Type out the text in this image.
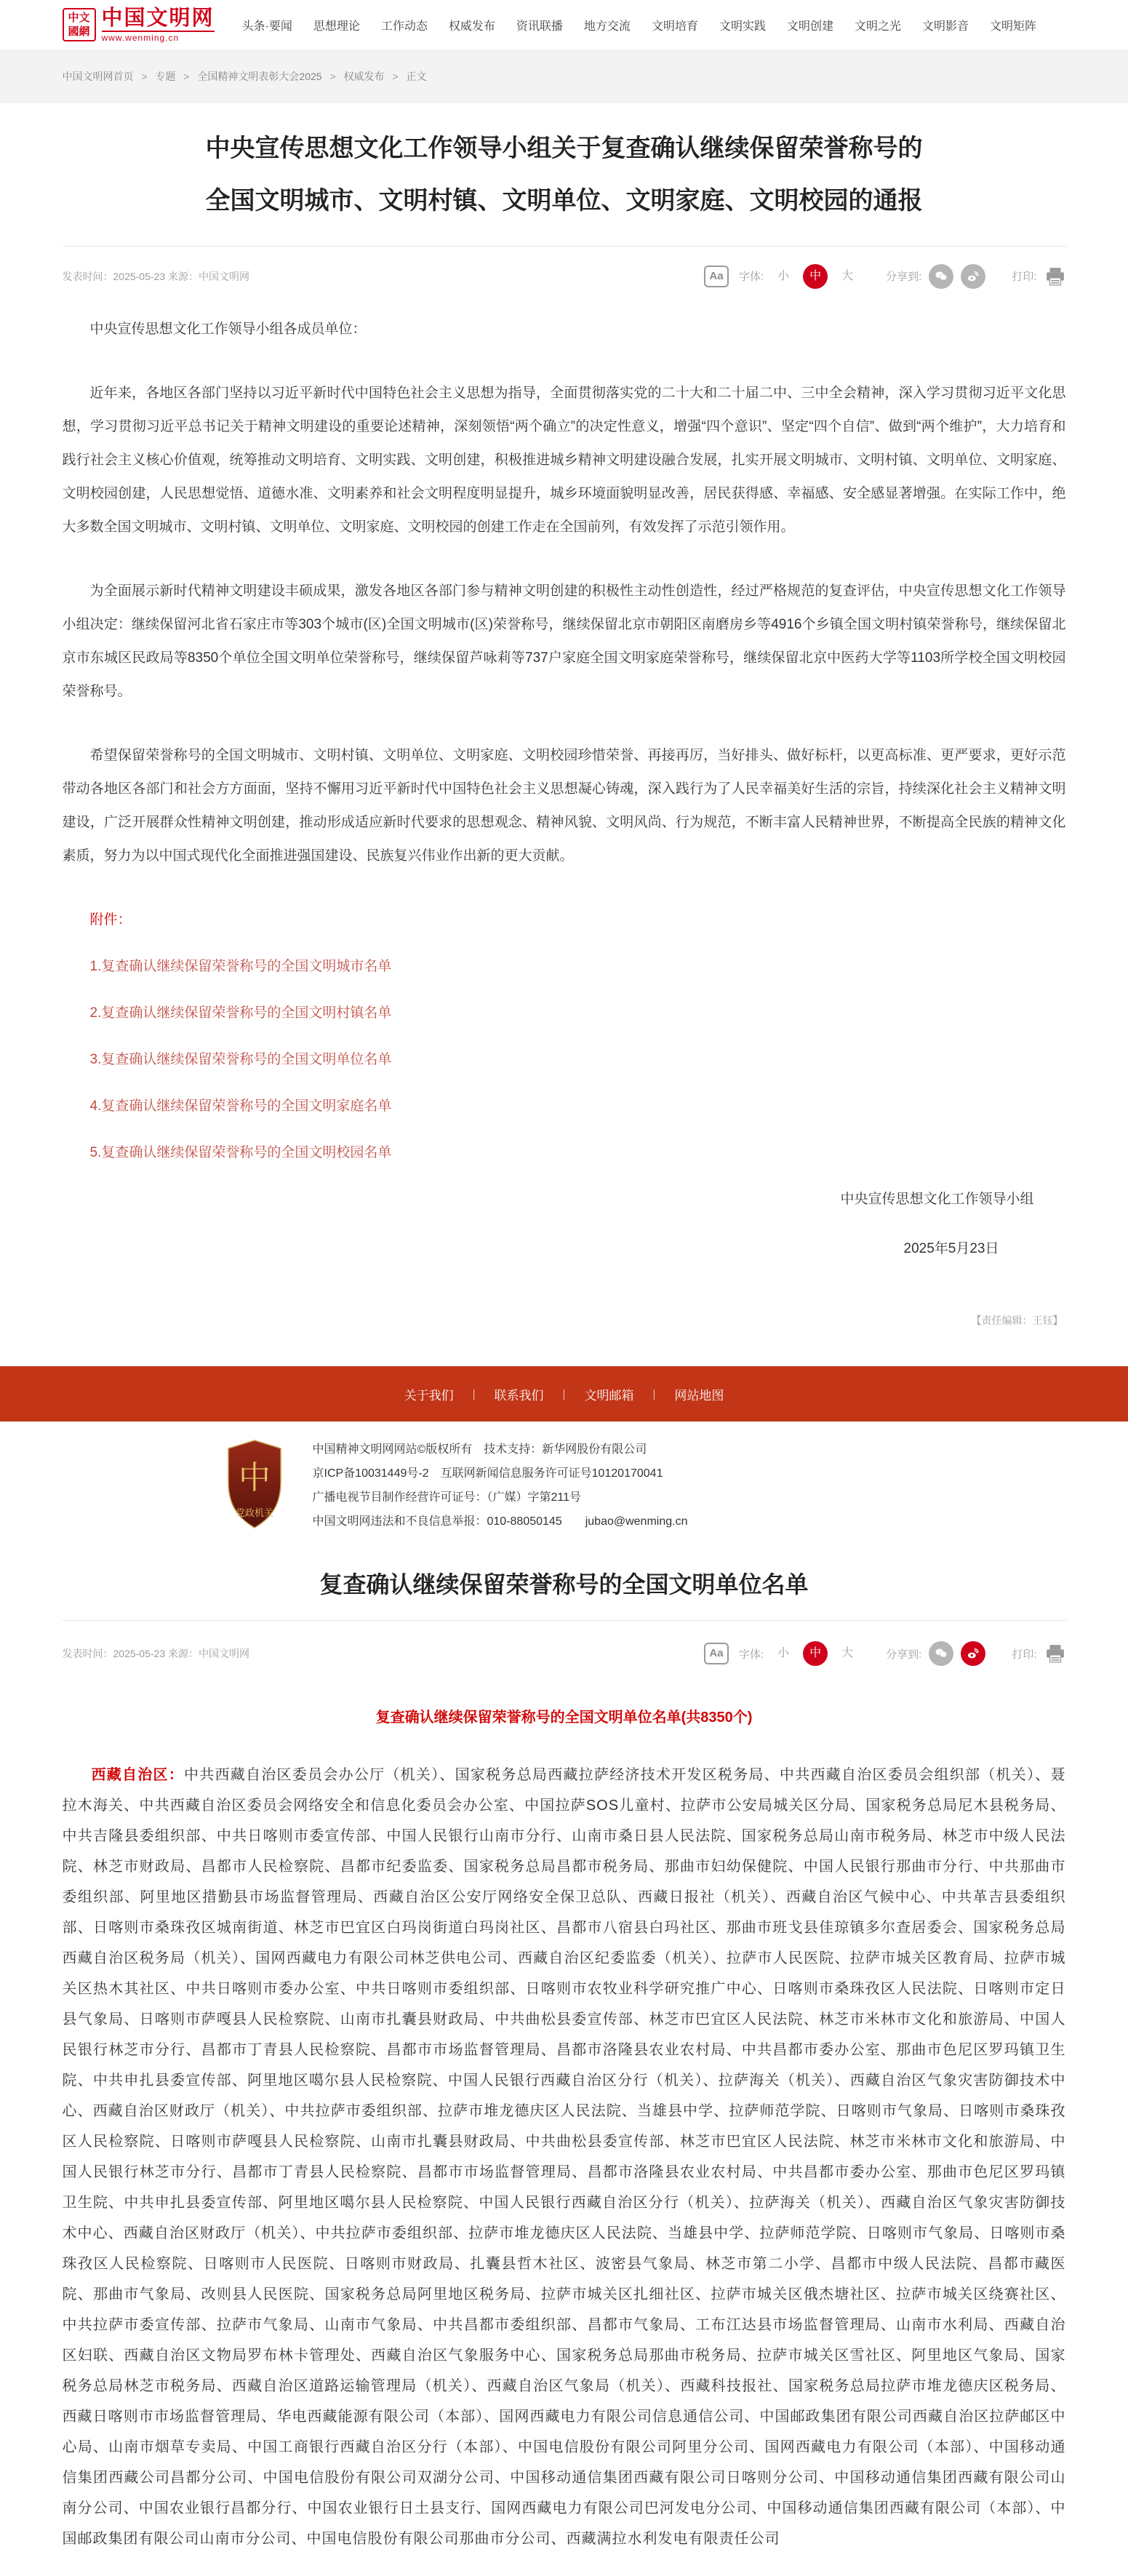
中文國網
中国文明网
www.wenming.cn
头条·要闻 思想理论 工作动态 权威发布 资讯联播 地方交流 文明培育 文明实践 文明创建 文明之光 文明影音 文明矩阵
中国文明网首页 > 专题 > 全国精神文明表彰大会2025 > 权威发布 > 正文
中央宣传思想文化工作领导小组关于复查确认继续保留荣誉称号的
全国文明城市、文明村镇、文明单位、文明家庭、文明校园的通报
发表时间：2025-05-23 来源：中国文明网	Aa	字体:	小	中	大	分享到:	打印:

中央宣传思想文化工作领导小组各成员单位：

近年来，各地区各部门坚持以习近平新时代中国特色社会主义思想为指导，全面贯彻落实党的二十大和二十届二中、三中全会精神，深入学习贯彻习近平文化思想，学习贯彻习近平总书记关于精神文明建设的重要论述精神，深刻领悟“两个确立”的决定性意义，增强“四个意识”、坚定“四个自信”、做到“两个维护”，大力培育和践行社会主义核心价值观，统筹推动文明培育、文明实践、文明创建，积极推进城乡精神文明建设融合发展，扎实开展文明城市、文明村镇、文明单位、文明家庭、文明校园创建，人民思想觉悟、道德水准、文明素养和社会文明程度明显提升，城乡环境面貌明显改善，居民获得感、幸福感、安全感显著增强。在实际工作中，绝大多数全国文明城市、文明村镇、文明单位、文明家庭、文明校园的创建工作走在全国前列，有效发挥了示范引领作用。

为全面展示新时代精神文明建设丰硕成果，激发各地区各部门参与精神文明创建的积极性主动性创造性，经过严格规范的复查评估，中央宣传思想文化工作领导小组决定：继续保留河北省石家庄市等303个城市(区)全国文明城市(区)荣誉称号，继续保留北京市朝阳区南磨房乡等4916个乡镇全国文明村镇荣誉称号，继续保留北京市东城区民政局等8350个单位全国文明单位荣誉称号，继续保留芦咏莉等737户家庭全国文明家庭荣誉称号，继续保留北京中医药大学等1103所学校全国文明校园荣誉称号。

希望保留荣誉称号的全国文明城市、文明村镇、文明单位、文明家庭、文明校园珍惜荣誉、再接再厉，当好排头、做好标杆，以更高标准、更严要求，更好示范带动各地区各部门和社会方方面面，坚持不懈用习近平新时代中国特色社会主义思想凝心铸魂，深入践行为了人民幸福美好生活的宗旨，持续深化社会主义精神文明建设，广泛开展群众性精神文明创建，推动形成适应新时代要求的思想观念、精神风貌、文明风尚、行为规范，不断丰富人民精神世界，不断提高全民族的精神文化素质，努力为以中国式现代化全面推进强国建设、民族复兴伟业作出新的更大贡献。

附件：
1.复查确认继续保留荣誉称号的全国文明城市名单
2.复查确认继续保留荣誉称号的全国文明村镇名单
3.复查确认继续保留荣誉称号的全国文明单位名单
4.复查确认继续保留荣誉称号的全国文明家庭名单
5.复查确认继续保留荣誉称号的全国文明校园名单
中央宣传思想文化工作领导小组
2025年5月23日
【责任编辑：王钰】
关于我们 | 联系我们 | 文明邮箱 | 网站地图
中
党政机关
中国精神文明网网站©版权所有　技术支持：新华网股份有限公司
京ICP备10031449号-2　互联网新闻信息服务许可证号10120170041
广播电视节目制作经营许可证号：（广媒）字第211号
中国文明网违法和不良信息举报：010-88050145　　jubao@wenming.cn
复查确认继续保留荣誉称号的全国文明单位名单
发表时间：2025-05-23 来源：中国文明网	Aa	字体:	小	中	大	分享到:	打印:
复查确认继续保留荣誉称号的全国文明单位名单(共8350个)

西藏自治区：中共西藏自治区委员会办公厅（机关）、国家税务总局西藏拉萨经济技术开发区税务局、中共西藏自治区委员会组织部（机关）、聂拉木海关、中共西藏自治区委员会网络安全和信息化委员会办公室、中国拉萨SOS儿童村、拉萨市公安局城关区分局、国家税务总局尼木县税务局、中共吉隆县委组织部、中共日喀则市委宣传部、中国人民银行山南市分行、山南市桑日县人民法院、国家税务总局山南市税务局、林芝市中级人民法院、林芝市财政局、昌都市人民检察院、昌都市纪委监委、国家税务总局昌都市税务局、那曲市妇幼保健院、中国人民银行那曲市分行、中共那曲市委组织部、阿里地区措勤县市场监督管理局、西藏自治区公安厅网络安全保卫总队、西藏日报社（机关）、西藏自治区气候中心、中共革吉县委组织部、日喀则市桑珠孜区城南街道、林芝市巴宜区白玛岗街道白玛岗社区、昌都市八宿县白玛社区、那曲市班戈县佳琼镇多尔查居委会、国家税务总局西藏自治区税务局（机关）、国网西藏电力有限公司林芝供电公司、西藏自治区纪委监委（机关）、拉萨市人民医院、拉萨市城关区教育局、拉萨市城关区热木其社区、中共日喀则市委办公室、中共日喀则市委组织部、日喀则市农牧业科学研究推广中心、日喀则市桑珠孜区人民法院、日喀则市定日县气象局、日喀则市萨嘎县人民检察院、山南市扎囊县财政局、中共曲松县委宣传部、林芝市巴宜区人民法院、林芝市米林市文化和旅游局、中国人民银行林芝市分行、昌都市丁青县人民检察院、昌都市市场监督管理局、昌都市洛隆县农业农村局、中共昌都市委办公室、那曲市色尼区罗玛镇卫生院、中共申扎县委宣传部、阿里地区噶尔县人民检察院、中国人民银行西藏自治区分行（机关）、拉萨海关（机关）、西藏自治区气象灾害防御技术中心、西藏自治区财政厅（机关）、中共拉萨市委组织部、拉萨市堆龙德庆区人民法院、当雄县中学、拉萨师范学院、日喀则市气象局、日喀则市桑珠孜区人民检察院、日喀则市萨嘎县人民检察院、山南市扎囊县财政局、中共曲松县委宣传部、林芝市巴宜区人民法院、林芝市米林市文化和旅游局、中国人民银行林芝市分行、昌都市丁青县人民检察院、昌都市市场监督管理局、昌都市洛隆县农业农村局、中共昌都市委办公室、那曲市色尼区罗玛镇卫生院、中共申扎县委宣传部、阿里地区噶尔县人民检察院、中国人民银行西藏自治区分行（机关）、拉萨海关（机关）、西藏自治区气象灾害防御技术中心、西藏自治区财政厅（机关）、中共拉萨市委组织部、拉萨市堆龙德庆区人民法院、当雄县中学、拉萨师范学院、日喀则市气象局、日喀则市桑珠孜区人民检察院、日喀则市人民医院、日喀则市财政局、扎囊县哲木社区、波密县气象局、林芝市第二小学、昌都市中级人民法院、昌都市藏医院、那曲市气象局、改则县人民医院、国家税务总局阿里地区税务局、拉萨市城关区扎细社区、拉萨市城关区俄杰塘社区、拉萨市城关区绕赛社区、中共拉萨市委宣传部、拉萨市气象局、山南市气象局、中共昌都市委组织部、昌都市气象局、工布江达县市场监督管理局、山南市水利局、西藏自治区妇联、西藏自治区文物局罗布林卡管理处、西藏自治区气象服务中心、国家税务总局那曲市税务局、拉萨市城关区雪社区、阿里地区气象局、国家税务总局林芝市税务局、西藏自治区道路运输管理局（机关）、西藏自治区气象局（机关）、西藏科技报社、国家税务总局拉萨市堆龙德庆区税务局、西藏日喀则市市场监督管理局、华电西藏能源有限公司（本部）、国网西藏电力有限公司信息通信公司、中国邮政集团有限公司西藏自治区拉萨邮区中心局、山南市烟草专卖局、中国工商银行西藏自治区分行（本部）、中国电信股份有限公司阿里分公司、国网西藏电力有限公司（本部）、中国移动通信集团西藏公司昌都分公司、中国电信股份有限公司双湖分公司、中国移动通信集团西藏有限公司日喀则分公司、中国移动通信集团西藏有限公司山南分公司、中国农业银行昌都分行、中国农业银行日土县支行、国网西藏电力有限公司巴河发电分公司、中国移动通信集团西藏有限公司（本部）、中国邮政集团有限公司山南市分公司、中国电信股份有限公司那曲市分公司、西藏满拉水利发电有限责任公司
